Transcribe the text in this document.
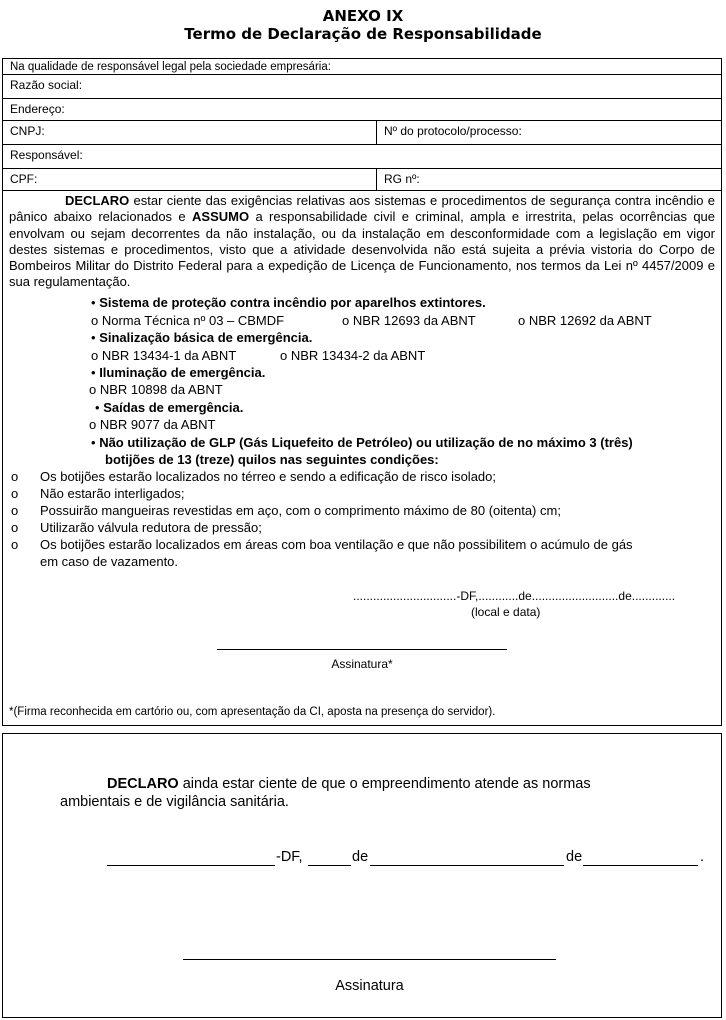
ANEXO IX
Termo de Declaração de Responsabilidade
Na qualidade de responsável legal pela sociedade empresária:
Razão social:
Endereço:
CNPJ:	Nº do protocolo/processo:
Responsável:
CPF:	RG nº:
DECLARO estar ciente das exigências relativas aos sistemas e procedimentos de segurança contra incêndio e pânico abaixo relacionados e ASSUMO a responsabilidade civil e criminal, ampla e irrestrita, pelas ocorrências que envolvam ou sejam decorrentes da não instalação, ou da instalação em desconformidade com a legislação em vigor destes sistemas e procedimentos, visto que a atividade desenvolvida não está sujeita a prévia vistoria do Corpo de Bombeiros Militar do Distrito Federal para a expedição de Licença de Funcionamento, nos termos da Lei nº 4457/2009 e sua regulamentação.
• Sistema de proteção contra incêndio por aparelhos extintores.
o Norma Técnica nº 03 – CBMDF	o NBR 12693 da ABNT	o NBR 12692 da ABNT
• Sinalização básica de emergência.
o NBR 13434-1 da ABNT	o NBR 13434-2 da ABNT
• Iluminação de emergência.
o NBR 10898 da ABNT
• Saídas de emergência.
o NBR 9077 da ABNT
• Não utilização de GLP (Gás Liquefeito de Petróleo) ou utilização de no máximo 3 (três)
botijões de 13 (treze) quilos nas seguintes condições:
o Os botijões estarão localizados no térreo e sendo a edificação de risco isolado;
o Não estarão interligados;
o Possuirão mangueiras revestidas em aço, com o comprimento máximo de 80 (oitenta) cm;
o Utilizarão válvula redutora de pressão;
o Os botijões estarão localizados em áreas com boa ventilação e que não possibilitem o acúmulo de gás
em caso de vazamento.
...............................-DF,............de..........................de.............
(local e data)
Assinatura*
*(Firma reconhecida em cartório ou, com apresentação da CI, aposta na presença do servidor).
DECLARO ainda estar ciente de que o empreendimento atende as normas
ambientais e de vigilância sanitária.
-DF,	de	de	.
Assinatura
